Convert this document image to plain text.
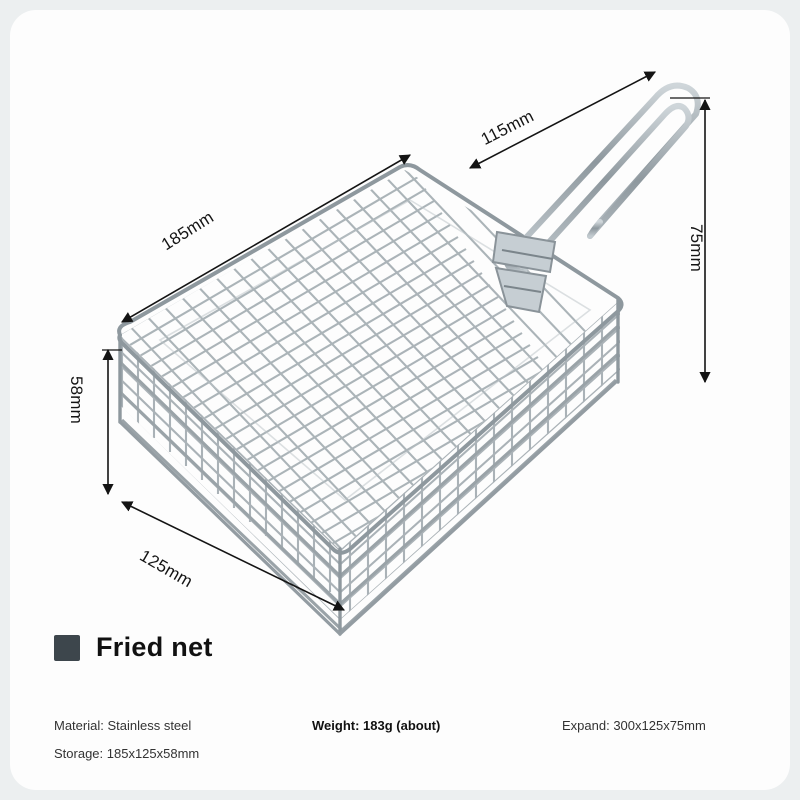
185mm
115mm
75mm
58mm
125mm
Fried net
Material: Stainless steel	Weight: 183g (about)	Expand: 300x125x75mm
Storage: 185x125x58mm
